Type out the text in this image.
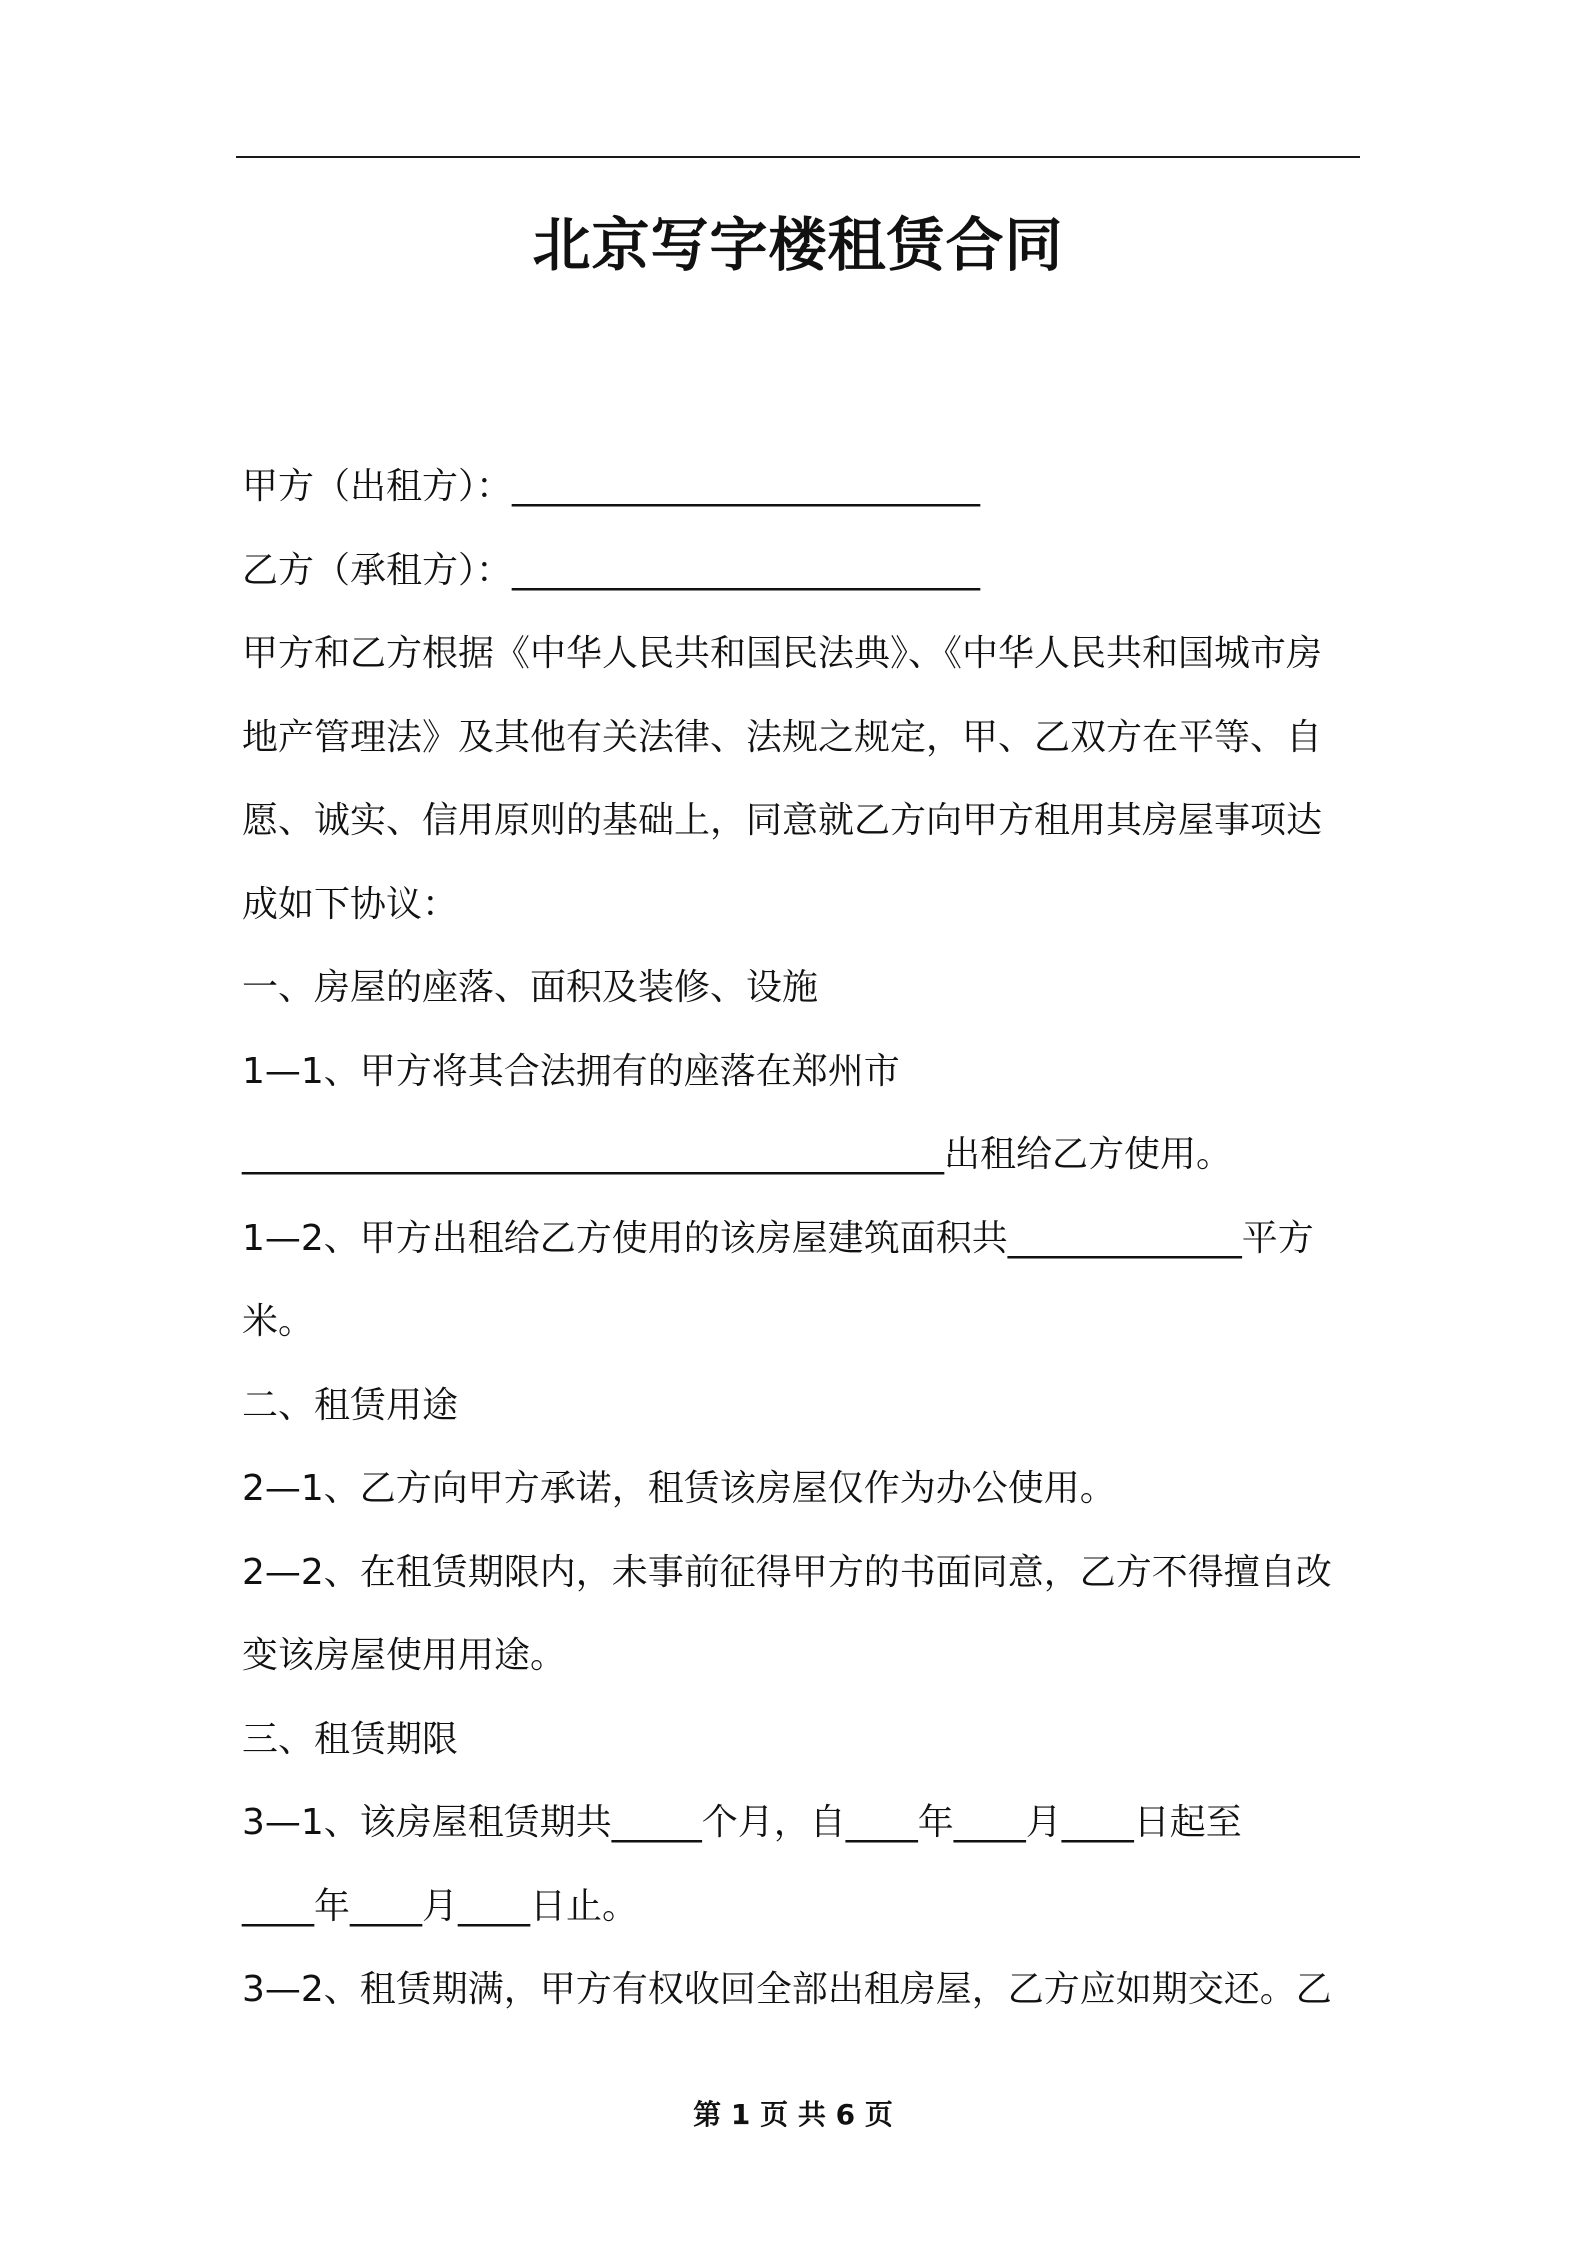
北京写字楼租赁合同

甲方（出租方）：__________________________

乙方（承租方）：__________________________

甲方和乙方根据《中华人民共和国民法典》、《中华人民共和国城市房

地产管理法》及其他有关法律、法规之规定，甲、乙双方在平等、自

愿、诚实、信用原则的基础上，同意就乙方向甲方租用其房屋事项达

成如下协议：

一、房屋的座落、面积及装修、设施

1—1、甲方将其合法拥有的座落在郑州市

_______________________________________出租给乙方使用。

1—2、甲方出租给乙方使用的该房屋建筑面积共_____________平方

米。

二、租赁用途

2—1、乙方向甲方承诺，租赁该房屋仅作为办公使用。

2—2、在租赁期限内，未事前征得甲方的书面同意，乙方不得擅自改

变该房屋使用用途。

三、租赁期限

3—1、该房屋租赁期共_____个月，自____年____月____日起至

____年____月____日止。

3—2、租赁期满，甲方有权收回全部出租房屋，乙方应如期交还。乙

第 1 页 共 6 页
